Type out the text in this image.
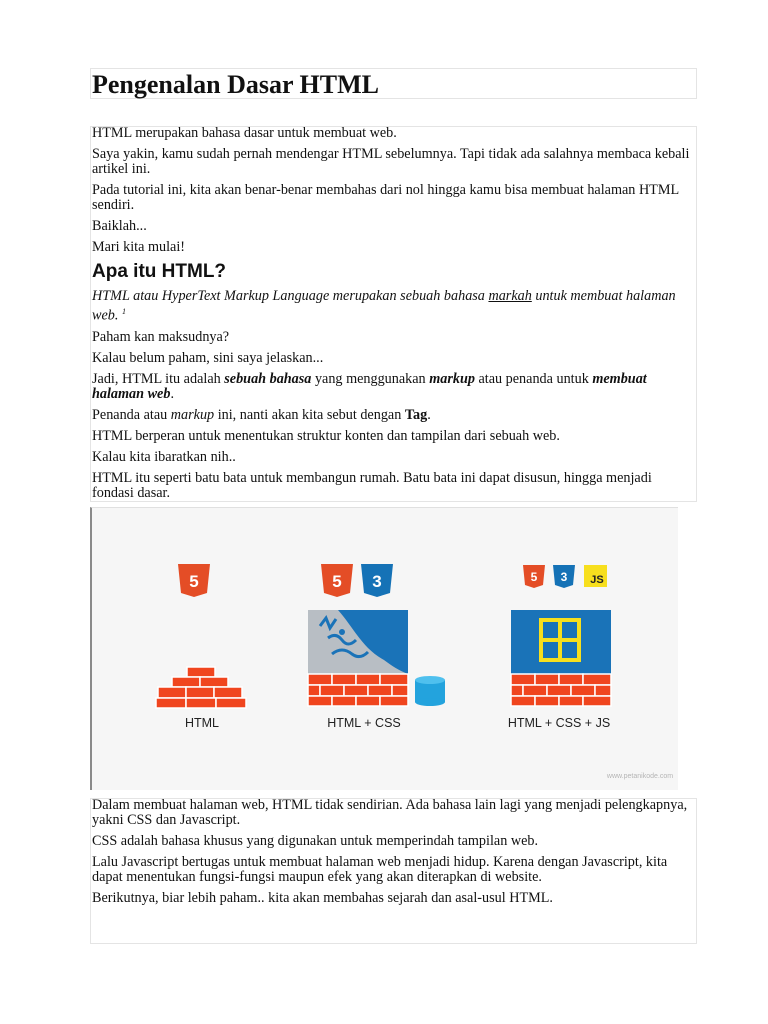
Pengenalan Dasar HTML

HTML merupakan bahasa dasar untuk membuat web.

Saya yakin, kamu sudah pernah mendengar HTML sebelumnya. Tapi tidak ada salahnya membaca kebali artikel ini.

Pada tutorial ini, kita akan benar-benar membahas dari nol hingga kamu bisa membuat halaman HTML sendiri.

Baiklah...

Mari kita mulai!

Apa itu HTML?

HTML atau HyperText Markup Language merupakan sebuah bahasa markah untuk membuat halaman web. $^1$

Paham kan maksudnya?

Kalau belum paham, sini saya jelaskan...

Jadi, HTML itu adalah sebuah bahasa yang menggunakan markup atau penanda untuk membuat halaman web.

Penanda atau markup ini, nanti akan kita sebut dengan Tag.

HTML berperan untuk menentukan struktur konten dan tampilan dari sebuah web.

Kalau kita ibaratkan nih..

HTML itu seperti batu bata untuk membangun rumah. Batu bata ini dapat disusun, hingga menjadi fondasi dasar.

5
HTML
5 3
HTML + CSS
5 3 JS
HTML + CSS + JS
www.petanikode.com

Dalam membuat halaman web, HTML tidak sendirian. Ada bahasa lain lagi yang menjadi pelengkapnya, yakni CSS dan Javascript.

CSS adalah bahasa khusus yang digunakan untuk memperindah tampilan web.

Lalu Javascript bertugas untuk membuat halaman web menjadi hidup. Karena dengan Javascript, kita dapat menentukan fungsi-fungsi maupun efek yang akan diterapkan di website.

Berikutnya, biar lebih paham.. kita akan membahas sejarah dan asal-usul HTML.
